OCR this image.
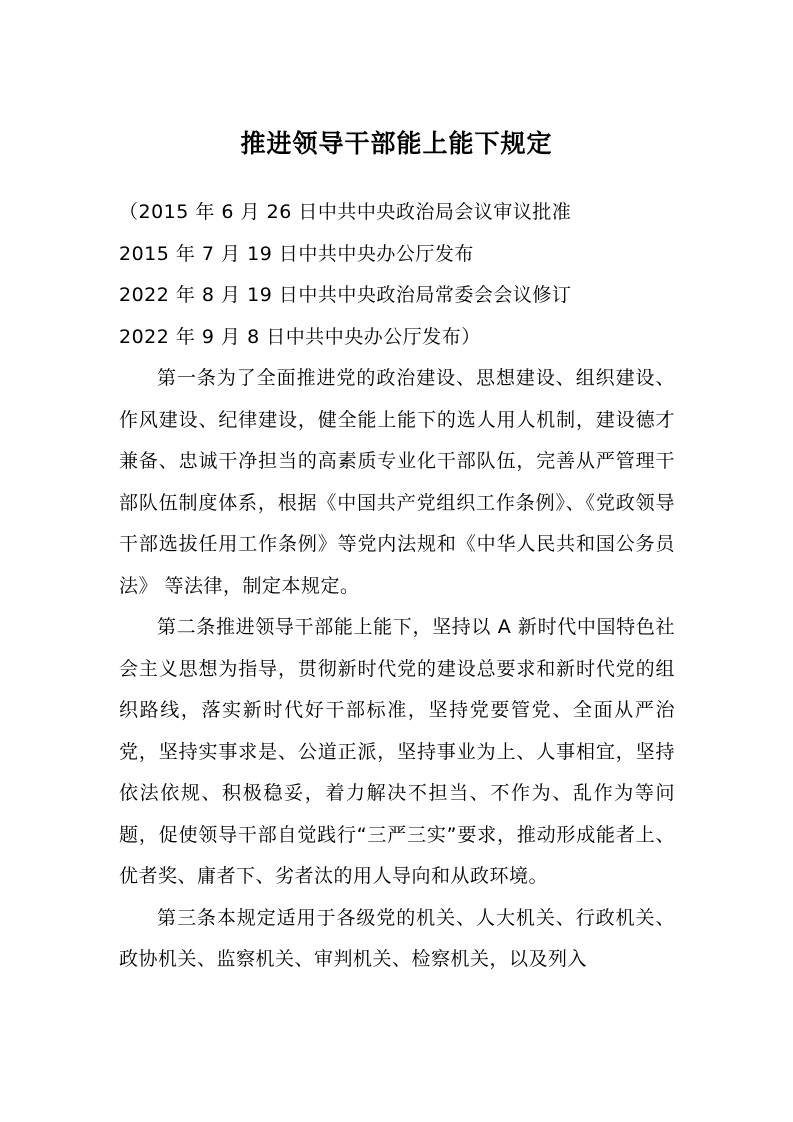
推进领导干部能上能下规定
（2015 年 6 月 26 日中共中央政治局会议审议批准
2015 年 7 月 19 日中共中央办公厅发布
2022 年 8 月 19 日中共中央政治局常委会会议修订
2022 年 9 月 8 日中共中央办公厅发布）

第一条为了全面推进党的政治建设、思想建设、组织建设、作风建设、纪律建设，健全能上能下的选人用人机制，建设德才兼备、忠诚干净担当的高素质专业化干部队伍，完善从严管理干部队伍制度体系，根据《中国共产党组织工作条例》、《党政领导干部选拔任用工作条例》等党内法规和《中华人民共和国公务员法》 等法律，制定本规定。

第二条推进领导干部能上能下，坚持以 A 新时代中国特色社会主义思想为指导，贯彻新时代党的建设总要求和新时代党的组织路线，落实新时代好干部标准，坚持党要管党、全面从严治党，坚持实事求是、公道正派，坚持事业为上、人事相宜，坚持依法依规、积极稳妥，着力解决不担当、不作为、乱作为等问题，促使领导干部自觉践行“三严三实”要求，推动形成能者上、优者奖、庸者下、劣者汰的用人导向和从政环境。

第三条本规定适用于各级党的机关、人大机关、行政机关、政协机关、监察机关、审判机关、检察机关，以及列入
